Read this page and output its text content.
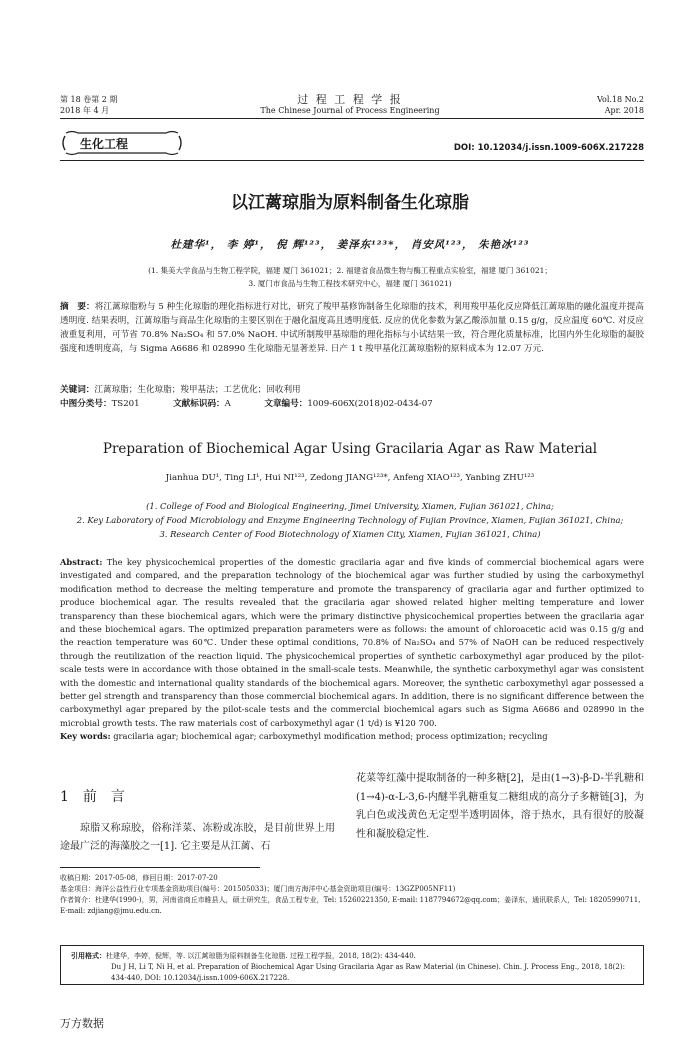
第 18 卷第 2 期
2018 年 4 月
过 程 工 程 学 报
The Chinese Journal of Process Engineering
Vol.18 No.2
Apr. 2018
生化工程	DOI: 10.12034/j.issn.1009-606X.217228
以江蓠琼脂为原料制备生化琼脂
杜建华¹， 李 婷¹， 倪 辉¹²³， 姜泽东¹²³*， 肖安风¹²³， 朱艳冰¹²³
(1. 集美大学食品与生物工程学院，福建 厦门 361021；2. 福建省食品微生物与酶工程重点实验室，福建 厦门 361021；
3. 厦门市食品与生物工程技术研究中心，福建 厦门 361021)
摘　要：将江蓠琼脂粉与 5 种生化琼脂的理化指标进行对比，研究了羧甲基修饰制备生化琼脂的技术，利用羧甲基化反应降低江蓠琼脂的融化温度并提高透明度. 结果表明，江蓠琼脂与商品生化琼脂的主要区别在于融化温度高且透明度低. 反应的优化参数为氯乙酸添加量 0.15 g/g，反应温度 60℃. 对反应液重复利用，可节省 70.8% Na₂SO₄ 和 57.0% NaOH. 中试所制羧甲基琼脂的理化指标与小试结果一致，符合理化质量标准，比国内外生化琼脂的凝胶强度和透明度高，与 Sigma A6686 和 028990 生化琼脂无显著差异. 日产 1 t 羧甲基化江蓠琼脂粉的原料成本为 12.07 万元.
关键词：江蓠琼脂；生化琼脂；羧甲基法；工艺优化；回收利用
中图分类号：TS201	文献标识码：A	文章编号：1009-606X(2018)02-0434-07
Preparation of Biochemical Agar Using Gracilaria Agar as Raw Material
Jianhua DU¹, Ting LI¹, Hui NI¹²³, Zedong JIANG¹²³*, Anfeng XIAO¹²³, Yanbing ZHU¹²³
(1. College of Food and Biological Engineering, Jimei University, Xiamen, Fujian 361021, China;
2. Key Laboratory of Food Microbiology and Enzyme Engineering Technology of Fujian Province, Xiamen, Fujian 361021, China;
3. Research Center of Food Biotechnology of Xiamen City, Xiamen, Fujian 361021, China)
Abstract: The key physicochemical properties of the domestic gracilaria agar and five kinds of commercial biochemical agars were investigated and compared, and the preparation technology of the biochemical agar was further studied by using the carboxymethyl modification method to decrease the melting temperature and promote the transparency of gracilaria agar and further optimized to produce biochemical agar. The results revealed that the gracilaria agar showed related higher melting temperature and lower transparency than these biochemical agars, which were the primary distinctive physicochemical properties between the gracilaria agar and these biochemical agars. The optimized preparation parameters were as follows: the amount of chloroacetic acid was 0.15 g/g and the reaction temperature was 60℃. Under these optimal conditions, 70.8% of Na₂SO₄ and 57% of NaOH can be reduced respectively through the reutilization of the reaction liquid. The physicochemical properties of synthetic carboxymethyl agar produced by the pilot-scale tests were in accordance with those obtained in the small-scale tests. Meanwhile, the synthetic carboxymethyl agar was consistent with the domestic and international quality standards of the biochemical agars. Moreover, the synthetic carboxymethyl agar possessed a better gel strength and transparency than those commercial biochemical agars. In addition, there is no significant difference between the carboxymethyl agar prepared by the pilot-scale tests and the commercial biochemical agars such as Sigma A6686 and 028990 in the microbial growth tests. The raw materials cost of carboxymethyl agar (1 t/d) is ¥120 700.
Key words: gracilaria agar; biochemical agar; carboxymethyl modification method; process optimization; recycling
1　前　言
琼脂又称琼胶，俗称洋菜、冻粉或冻胶，是目前世界上用途最广泛的海藻胶之一[1]. 它主要是从江蓠、石
花菜等红藻中提取制备的一种多糖[2]，是由(1→3)-β-D-半乳糖和(1→4)-α-L-3,6-内醚半乳糖重复二糖组成的高分子多糖链[3]，为乳白色或浅黄色无定型半透明固体，溶于热水，具有很好的胶凝性和凝胶稳定性.
收稿日期：2017-05-08，修回日期：2017-07-20
基金项目：海洋公益性行业专项基金资助项目(编号：201505033)；厦门南方海洋中心基金资助项目(编号：13GZP005NF11)
作者简介：杜建华(1990-)，男，河南省商丘市睢县人，硕士研究生，食品工程专业，Tel: 15260221350, E-mail: 1187794672@qq.com；姜泽东，通讯联系人，Tel: 18205990711, E-mail: zdjiang@jmu.edu.cn.
引用格式：杜建华，李婷，倪辉，等. 以江蓠琼脂为原料制备生化琼脂. 过程工程学报，2018, 18(2): 434-440.

Du J H, Li T, Ni H, et al. Preparation of Biochemical Agar Using Gracilaria Agar as Raw Material (in Chinese). Chin. J. Process Eng., 2018, 18(2): 434-440, DOI: 10.12034/j.issn.1009-606X.217228.
万方数据
